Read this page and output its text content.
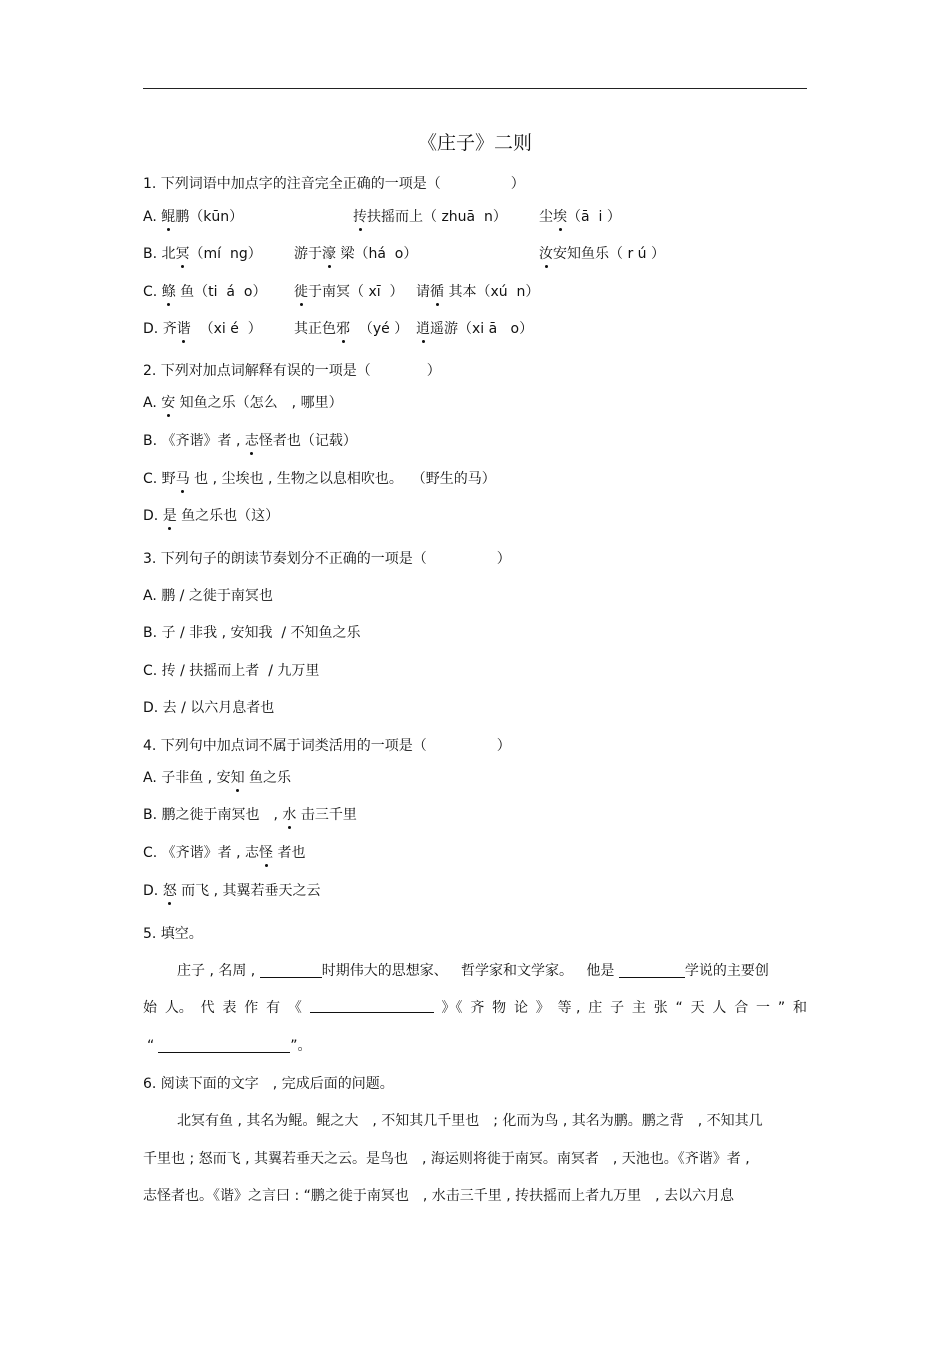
《庄子》二则
1. 下列词语中加点字的注音完全正确的一项是（　　　　　）
A. 鲲鹏（kūn）	抟扶摇而上（ zhuā  n） 尘埃（ā  i ）
B. 北冥（mí  ng） 游于濠 梁（há  o）	汝安知鱼乐（ r ú ）
C. 鲦 鱼（ti  á  o） 徙于南冥（ xī  ） 请循 其本（xú  n）
D. 齐谐  （xi é  ） 其正色邪  （yé ） 逍遥游（xi ā   o）
2. 下列对加点词解释有误的一项是（　　　　）
A. 安 知鱼之乐（怎么　, 哪里）
B. 《齐谐》者 , 志怪者也（记载）
C. 野马 也 , 尘埃也 , 生物之以息相吹也。  （野生的马）
D. 是 鱼之乐也（这）
3. 下列句子的朗读节奏划分不正确的一项是（　　　　　）
A. 鹏 / 之徙于南冥也
B. 子 / 非我 , 安知我  / 不知鱼之乐
C. 抟 / 扶摇而上者  / 九万里
D. 去 / 以六月息者也
4. 下列句中加点词不属于词类活用的一项是（　　　　　）
A. 子非鱼 , 安知 鱼之乐
B. 鹏之徙于南冥也　, 水 击三千里
C. 《齐谐》者 , 志怪 者也
D. 怒 而飞 , 其翼若垂天之云
5. 填空。
庄子 , 名周 ,	时期伟大的思想家、   哲学家和文学家。   他是	学说的主要创
始 人。 代 表 作 有 《	》《 齐 物 论 》 等 , 庄 子 主 张 “ 天 人 合 一 ” 和
“	”。
6. 阅读下面的文字　, 完成后面的问题。
北冥有鱼 , 其名为鲲。鲲之大　, 不知其几千里也　; 化而为鸟 , 其名为鹏。鹏之背　, 不知其几
千里也 ; 怒而飞 , 其翼若垂天之云。是鸟也　, 海运则将徙于南冥。南冥者　, 天池也。《齐谐》者 ,
志怪者也。《谐》之言曰 : “鹏之徙于南冥也　, 水击三千里 , 抟扶摇而上者九万里　, 去以六月息
